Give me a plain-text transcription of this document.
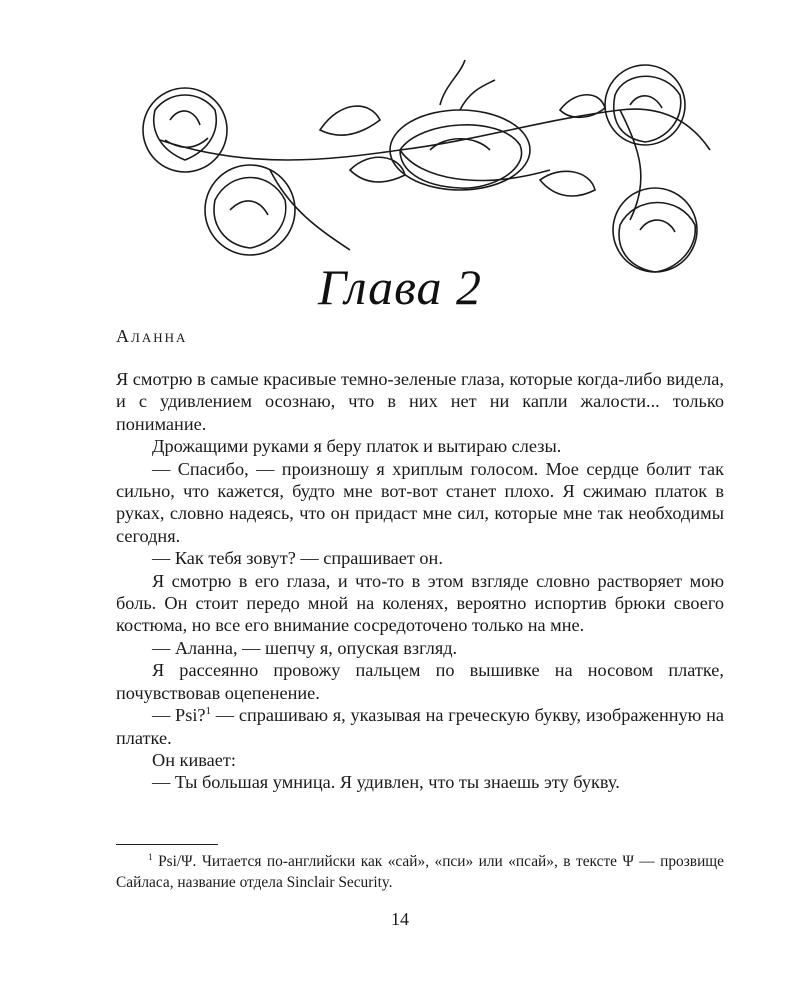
Глава 2
Аланна

Я смотрю в самые красивые темно-зеленые глаза, которые когда-либо видела, и с удивлением осознаю, что в них нет ни капли жалости... только понимание.

Дрожащими руками я беру платок и вытираю слезы.

— Спасибо, — произношу я хриплым голосом. Мое сердце болит так сильно, что кажется, будто мне вот-вот станет плохо. Я сжимаю платок в руках, словно надеясь, что он придаст мне сил, которые мне так необходимы сегодня.

— Как тебя зовут? — спрашивает он.

Я смотрю в его глаза, и что-то в этом взгляде словно растворяет мою боль. Он стоит передо мной на коленях, вероятно испортив брюки своего костюма, но все его внимание сосредоточено только на мне.

— Аланна, — шепчу я, опуская взгляд.

Я рассеянно провожу пальцем по вышивке на носовом платке, почувствовав оцепенение.

— Psi?$^1$ — спрашиваю я, указывая на греческую букву, изображенную на платке.

Он кивает:

— Ты большая умница. Я удивлен, что ты знаешь эту букву.

$^1$ Psi/Ψ. Читается по-английски как «сай», «пси» или «псай», в тексте Ψ — прозвище Сайласа, название отдела Sinclair Security.
14
